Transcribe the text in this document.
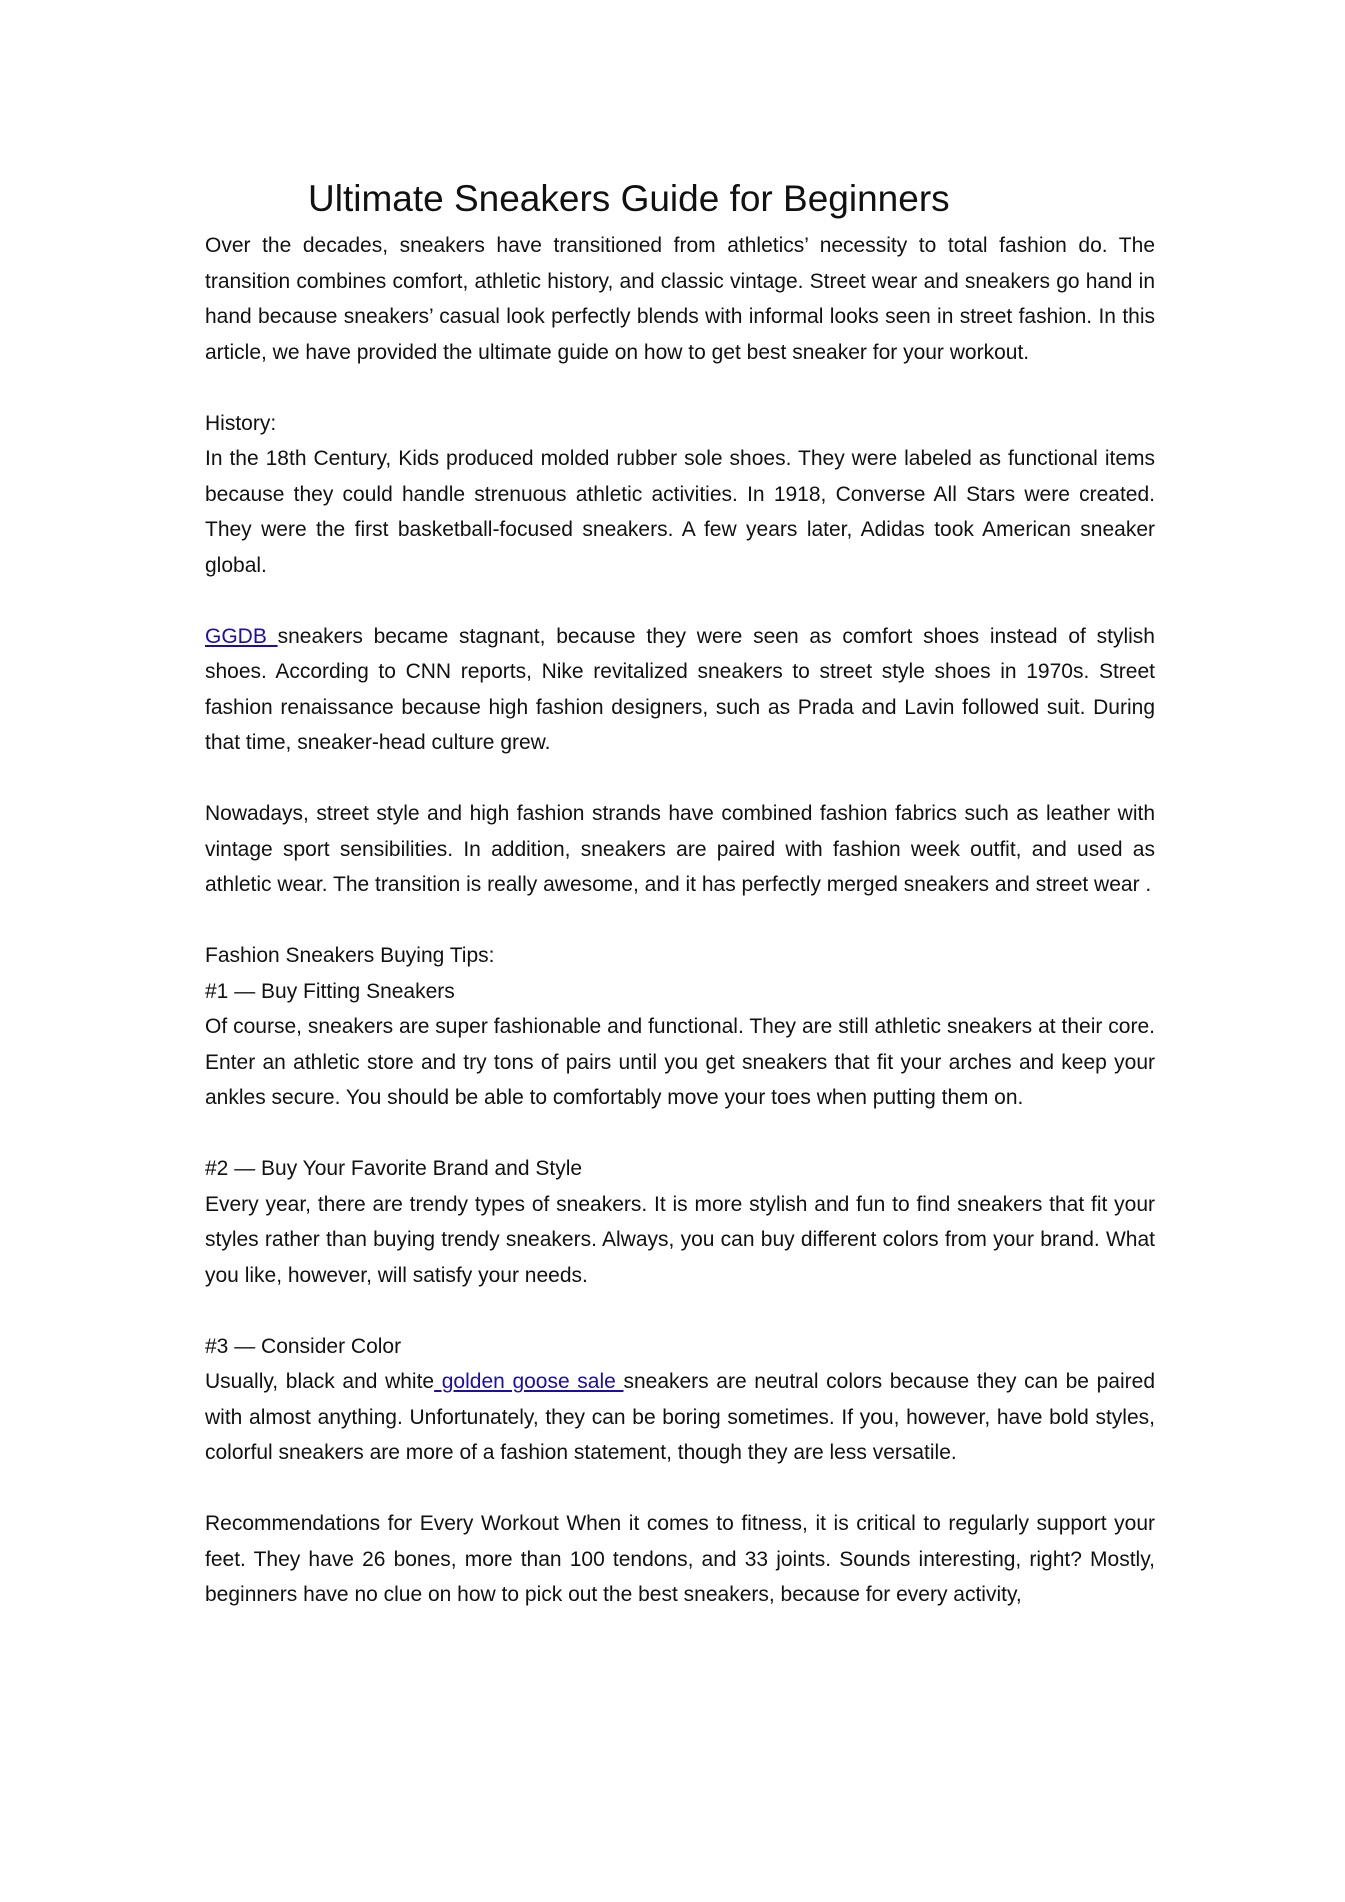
Ultimate Sneakers Guide for Beginners

Over the decades, sneakers have transitioned from athletics’ necessity to total fashion do. The transition combines comfort, athletic history, and classic vintage. Street wear and sneakers go hand in hand because sneakers’ casual look perfectly blends with informal looks seen in street fashion. In this article, we have provided the ultimate guide on how to get best sneaker for your workout.

History:

In the 18th Century, Kids produced molded rubber sole shoes. They were labeled as functional items because they could handle strenuous athletic activities. In 1918, Converse All Stars were created. They were the first basketball-focused sneakers. A few years later, Adidas took American sneaker global.

GGDB sneakers became stagnant, because they were seen as comfort shoes instead of stylish shoes. According to CNN reports, Nike revitalized sneakers to street style shoes in 1970s. Street fashion renaissance because high fashion designers, such as Prada and Lavin followed suit. During that time, sneaker-head culture grew.

Nowadays, street style and high fashion strands have combined fashion fabrics such as leather with vintage sport sensibilities. In addition, sneakers are paired with fashion week outfit, and used as athletic wear. The transition is really awesome, and it has perfectly merged sneakers and street wear .

Fashion Sneakers Buying Tips:

#1 — Buy Fitting Sneakers

Of course, sneakers are super fashionable and functional. They are still athletic sneakers at their core. Enter an athletic store and try tons of pairs until you get sneakers that fit your arches and keep your ankles secure. You should be able to comfortably move your toes when putting them on.

#2 — Buy Your Favorite Brand and Style

Every year, there are trendy types of sneakers. It is more stylish and fun to find sneakers that fit your styles rather than buying trendy sneakers. Always, you can buy different colors from your brand. What you like, however, will satisfy your needs.

#3 — Consider Color

Usually, black and white golden goose sale sneakers are neutral colors because they can be paired with almost anything. Unfortunately, they can be boring sometimes. If you, however, have bold styles, colorful sneakers are more of a fashion statement, though they are less versatile.

Recommendations for Every Workout When it comes to fitness, it is critical to regularly support your feet. They have 26 bones, more than 100 tendons, and 33 joints. Sounds interesting, right? Mostly, beginners have no clue on how to pick out the best sneakers, because for every activity,
